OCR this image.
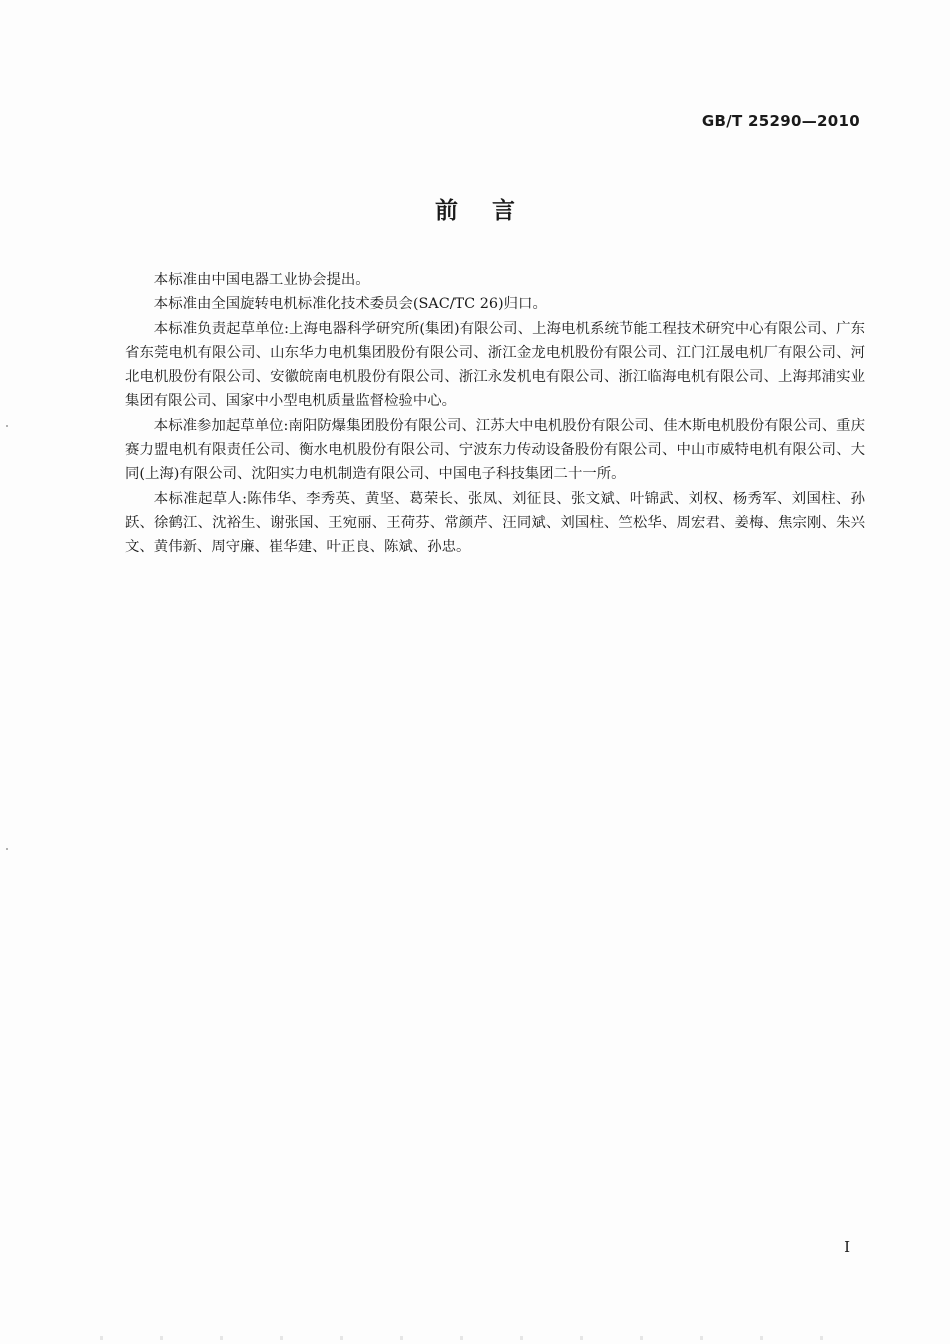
GB/T 25290—2010
前言

本标准由中国电器工业协会提出。

本标准由全国旋转电机标准化技术委员会(SAC/TC 26)归口。

本标准负责起草单位:上海电器科学研究所(集团)有限公司、上海电机系统节能工程技术研究中心有限公司、广东省东莞电机有限公司、山东华力电机集团股份有限公司、浙江金龙电机股份有限公司、江门江晟电机厂有限公司、河北电机股份有限公司、安徽皖南电机股份有限公司、浙江永发机电有限公司、浙江临海电机有限公司、上海邦浦实业集团有限公司、国家中小型电机质量监督检验中心。

本标准参加起草单位:南阳防爆集团股份有限公司、江苏大中电机股份有限公司、佳木斯电机股份有限公司、重庆赛力盟电机有限责任公司、衡水电机股份有限公司、宁波东力传动设备股份有限公司、中山市威特电机有限公司、大同(上海)有限公司、沈阳实力电机制造有限公司、中国电子科技集团二十一所。

本标准起草人:陈伟华、李秀英、黄坚、葛荣长、张凤、刘征艮、张文斌、叶锦武、刘权、杨秀军、刘国柱、孙跃、徐鹤江、沈裕生、谢张国、王宛丽、王荷芬、常颜芹、汪同斌、刘国柱、竺松华、周宏君、姜梅、焦宗刚、朱兴文、黄伟新、周守廉、崔华建、叶正良、陈斌、孙忠。

I
